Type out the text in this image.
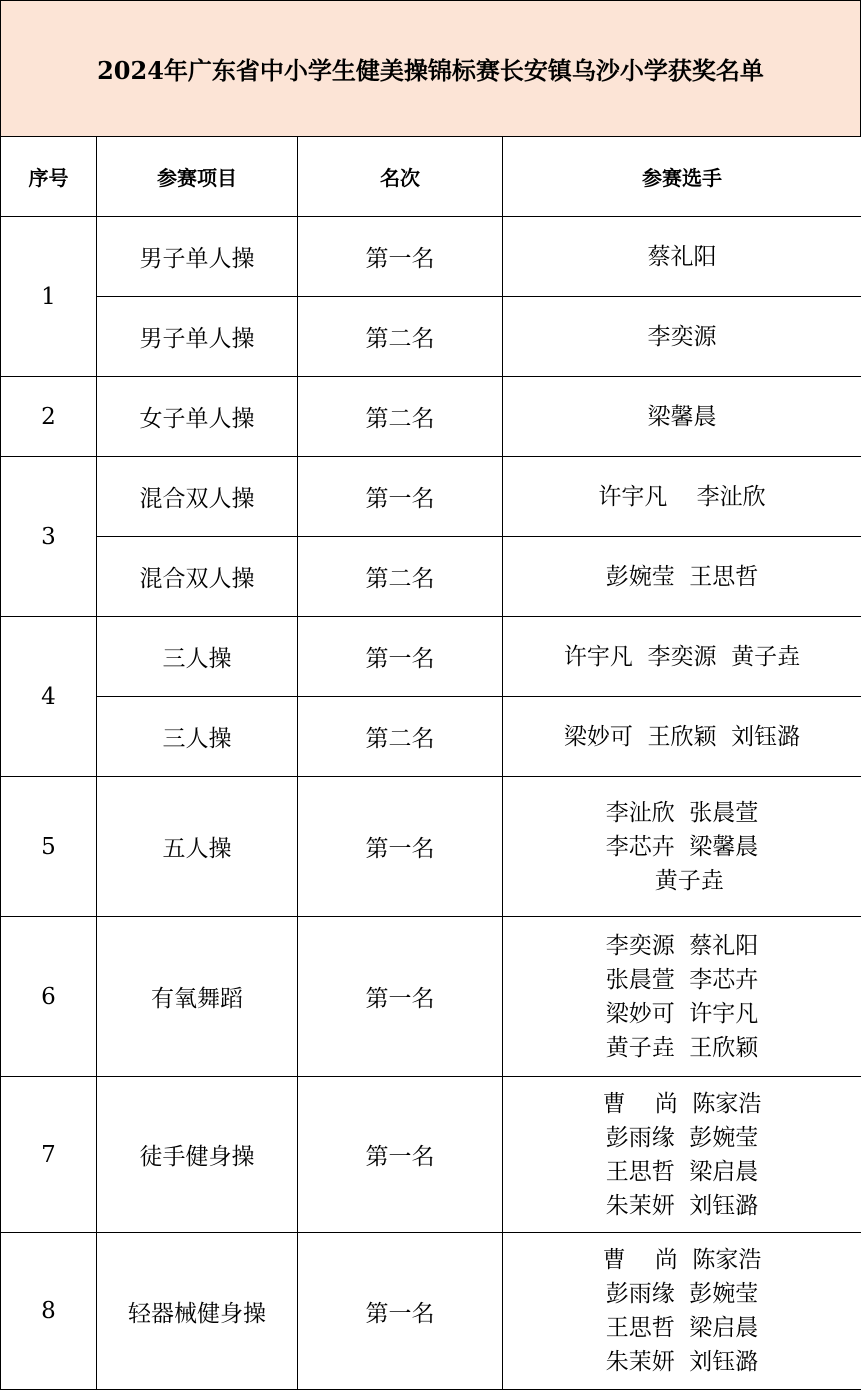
2024年广东省中小学生健美操锦标赛长安镇乌沙小学获奖名单
序号	参赛项目	名次	参赛选手
1	男子单人操	第一名	蔡礼阳

	男子单人操	第二名	李奕源

2	女子单人操	第二名	梁馨晨

3	混合双人操	第一名	许宇凡    李沚欣

	混合双人操	第二名	彭婉莹  王思哲

4	三人操	第一名	许宇凡  李奕源  黄子垚

	三人操	第二名	梁妙可  王欣颖  刘钰潞

5	五人操	第一名	李沚欣  张晨萱
李芯卉  梁馨晨
黄子垚

6	有氧舞蹈	第一名	李奕源  蔡礼阳
张晨萱  李芯卉
梁妙可  许宇凡
黄子垚  王欣颖

7	徒手健身操	第一名	曹    尚  陈家浩
彭雨缘  彭婉莹
王思哲  梁启晨
朱茉妍  刘钰潞

8	轻器械健身操	第一名	曹    尚  陈家浩
彭雨缘  彭婉莹
王思哲  梁启晨
朱茉妍  刘钰潞
